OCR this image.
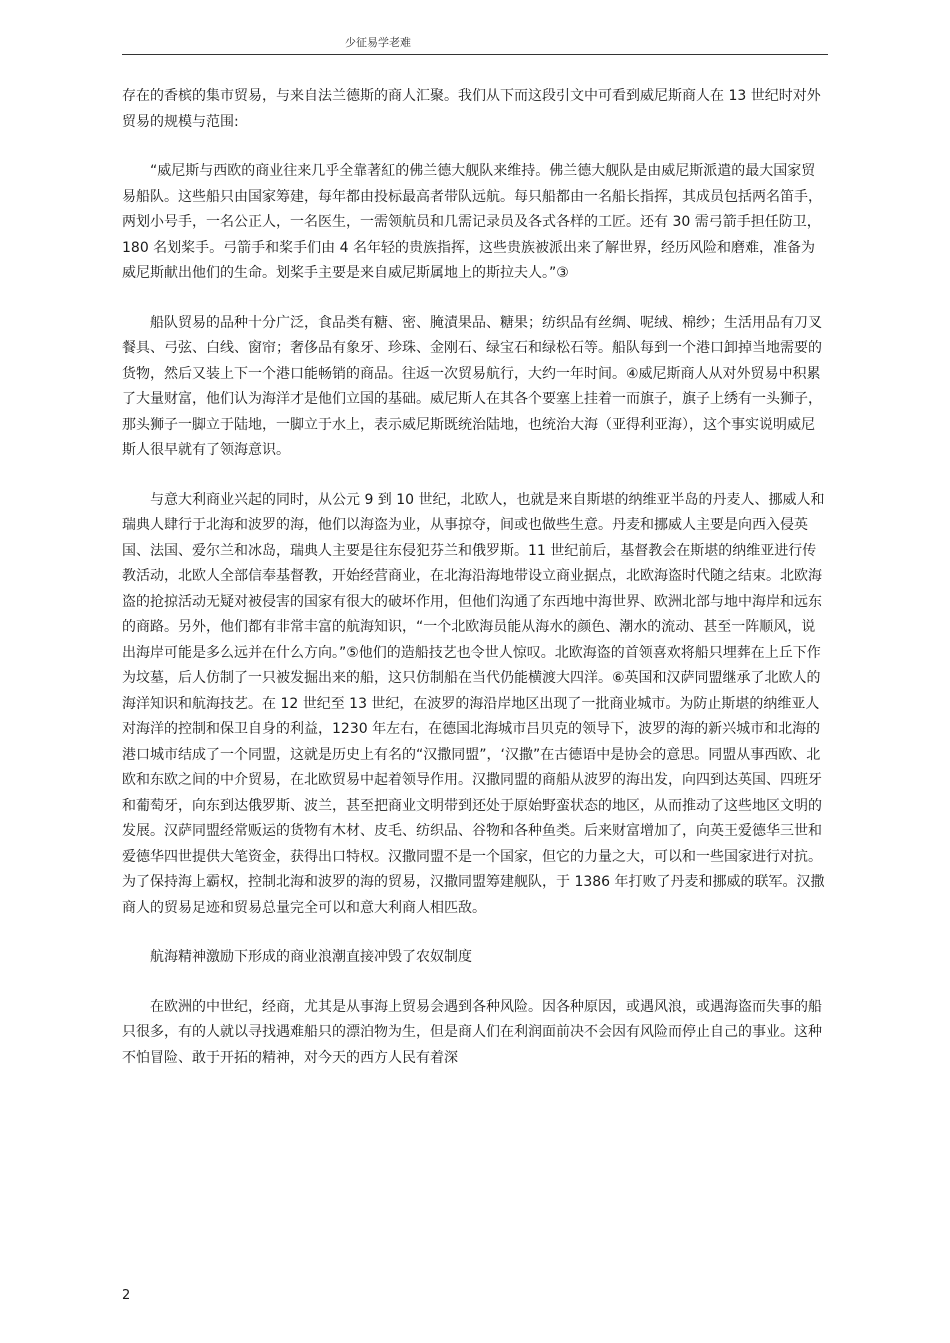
少征易学老难

存在的香槟的集市贸易，与来自法兰德斯的商人汇聚。我们从下而这段引文中可看到威尼斯商人在 13 世纪时对外贸易的规模与范围:

“威尼斯与西欧的商业往来几乎全靠著紅的佛兰德大舰队来维持。佛兰德大舰队是由威尼斯派遣的最大国家贸易船队。这些船只由国家筹建，每年都由投标最高者带队远航。每只船都由一名船长指挥，其成员包括两名笛手，两划小号手，一名公正人，一名医生，一需领航员和几需记录员及各式各样的工匠。还有 30 需弓箭手担任防卫，180 名划桨手。弓箭手和桨手们由 4 名年轻的贵族指挥，这些贵族被派出来了解世界，经历风险和磨难，准备为威尼斯献出他们的生命。划桨手主要是来自威尼斯属地上的斯拉夫人。”③

船队贸易的品种十分广泛，食品类有糖、密、腌漬果品、糖果；纺织品有丝绸、呢绒、棉纱；生活用品有刀叉餐具、弓弦、白线、窗帘；奢侈品有象牙、珍珠、金刚石、绿宝石和绿松石等。船队每到一个港口卸掉当地需要的货物，然后又装上下一个港口能畅销的商品。往返一次贸易航行，大约一年时间。④威尼斯商人从对外贸易中积累了大量财富，他们认为海洋才是他们立国的基础。威尼斯人在其各个要塞上挂着一而旗子，旗子上绣有一头狮子，那头狮子一脚立于陆地，一脚立于水上，表示威尼斯既统治陆地，也统治大海（亚得利亚海），这个事实说明威尼斯人很早就有了领海意识。

与意大利商业兴起的同时，从公元 9 到 10 世纪，北欧人，也就是来自斯堪的纳维亚半岛的丹麦人、挪威人和瑞典人肆行于北海和波罗的海，他们以海盗为业，从事掠夺，间或也做些生意。丹麦和挪威人主要是向西入侵英国、法国、爱尔兰和冰岛，瑞典人主要是往东侵犯芬兰和俄罗斯。11 世纪前后，基督教会在斯堪的纳维亚进行传教活动，北欧人全部信奉基督教，开始经营商业，在北海沿海地带设立商业据点，北欧海盗时代随之结束。北欧海盗的抢掠活动无疑对被侵害的国家有很大的破坏作用，但他们沟通了东西地中海世界、欧洲北部与地中海岸和远东的商路。另外，他们都有非常丰富的航海知识，“一个北欧海员能从海水的颜色、潮水的流动、甚至一阵顺风，说出海岸可能是多么远并在什么方向。”⑤他们的造船技艺也令世人惊叹。北欧海盗的首领喜欢将船只埋葬在上丘下作为坟墓，后人仿制了一只被发掘出来的船，这只仿制船在当代仍能横渡大四洋。⑥英国和汉萨同盟继承了北欧人的海洋知识和航海技艺。在 12 世纪至 13 世纪，在波罗的海沿岸地区出现了一批商业城市。为防止斯堪的纳维亚人对海洋的控制和保卫自身的利益，1230 年左右，在德国北海城市吕贝克的领导下，波罗的海的新兴城市和北海的港口城市结成了一个同盟，这就是历史上有名的“汉撒同盟”，‘汉撒”在古德语中是协会的意思。同盟从事西欧、北欧和东欧之间的中介贸易，在北欧贸易中起着领导作用。汉撒同盟的商船从波罗的海出发，向四到达英国、四班牙和葡萄牙，向东到达俄罗斯、波兰，甚至把商业文明带到还处于原始野蛮状态的地区，从而推动了这些地区文明的发展。汉萨同盟经常贩运的货物有木材、皮毛、纺织品、谷物和各种鱼类。后来财富增加了，向英王爱德华三世和爱德华四世提供大笔资金，获得出口特权。汉撒同盟不是一个国家，但它的力量之大，可以和一些国家进行对抗。为了保持海上霸权，控制北海和波罗的海的贸易，汉撒同盟筹建舰队，于 1386 年打败了丹麦和挪威的联军。汉撒商人的贸易足迹和贸易总量完全可以和意大利商人相匹敌。

航海精神激励下形成的商业浪潮直接冲毁了农奴制度

在欧洲的中世纪，经商，尤其是从事海上贸易会遇到各种风险。因各种原因，或遇风浪，或遇海盗而失事的船只很多，有的人就以寻找遇难船只的漂泊物为生，但是商人们在利润面前决不会因有风险而停止自己的事业。这种不怕冒险、敢于开拓的精神，对今天的西方人民有着深

2
